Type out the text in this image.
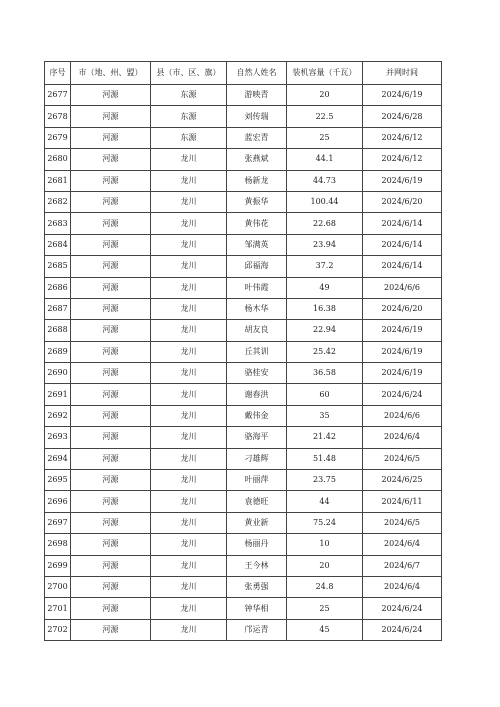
序号	市（地、州、盟）	县（市、区、旗）	自然人姓名	装机容量（千瓦）	并网时间
2677	河源	东源	游映青	20	2024/6/19
2678	河源	东源	刘传瑞	22.5	2024/6/28
2679	河源	东源	蓝宏青	25	2024/6/12
2680	河源	龙川	张燕斌	44.1	2024/6/12
2681	河源	龙川	杨新龙	44.73	2024/6/19
2682	河源	龙川	黄振华	100.44	2024/6/20
2683	河源	龙川	黄伟花	22.68	2024/6/14
2684	河源	龙川	邹满英	23.94	2024/6/14
2685	河源	龙川	邱福海	37.2	2024/6/14
2686	河源	龙川	叶伟霞	49	2024/6/6
2687	河源	龙川	杨木华	16.38	2024/6/20
2688	河源	龙川	胡友良	22.94	2024/6/19
2689	河源	龙川	丘其训	25.42	2024/6/19
2690	河源	龙川	骆桂安	36.58	2024/6/19
2691	河源	龙川	谢春洪	60	2024/6/24
2692	河源	龙川	戴伟金	35	2024/6/6
2693	河源	龙川	骆海平	21.42	2024/6/4
2694	河源	龙川	刁雄辉	51.48	2024/6/5
2695	河源	龙川	叶丽萍	23.75	2024/6/25
2696	河源	龙川	袁德旺	44	2024/6/11
2697	河源	龙川	黄业新	75.24	2024/6/5
2698	河源	龙川	杨丽丹	10	2024/6/4
2699	河源	龙川	王今林	20	2024/6/7
2700	河源	龙川	张勇强	24.8	2024/6/4
2701	河源	龙川	钟华相	25	2024/6/24
2702	河源	龙川	邝运青	45	2024/6/24
